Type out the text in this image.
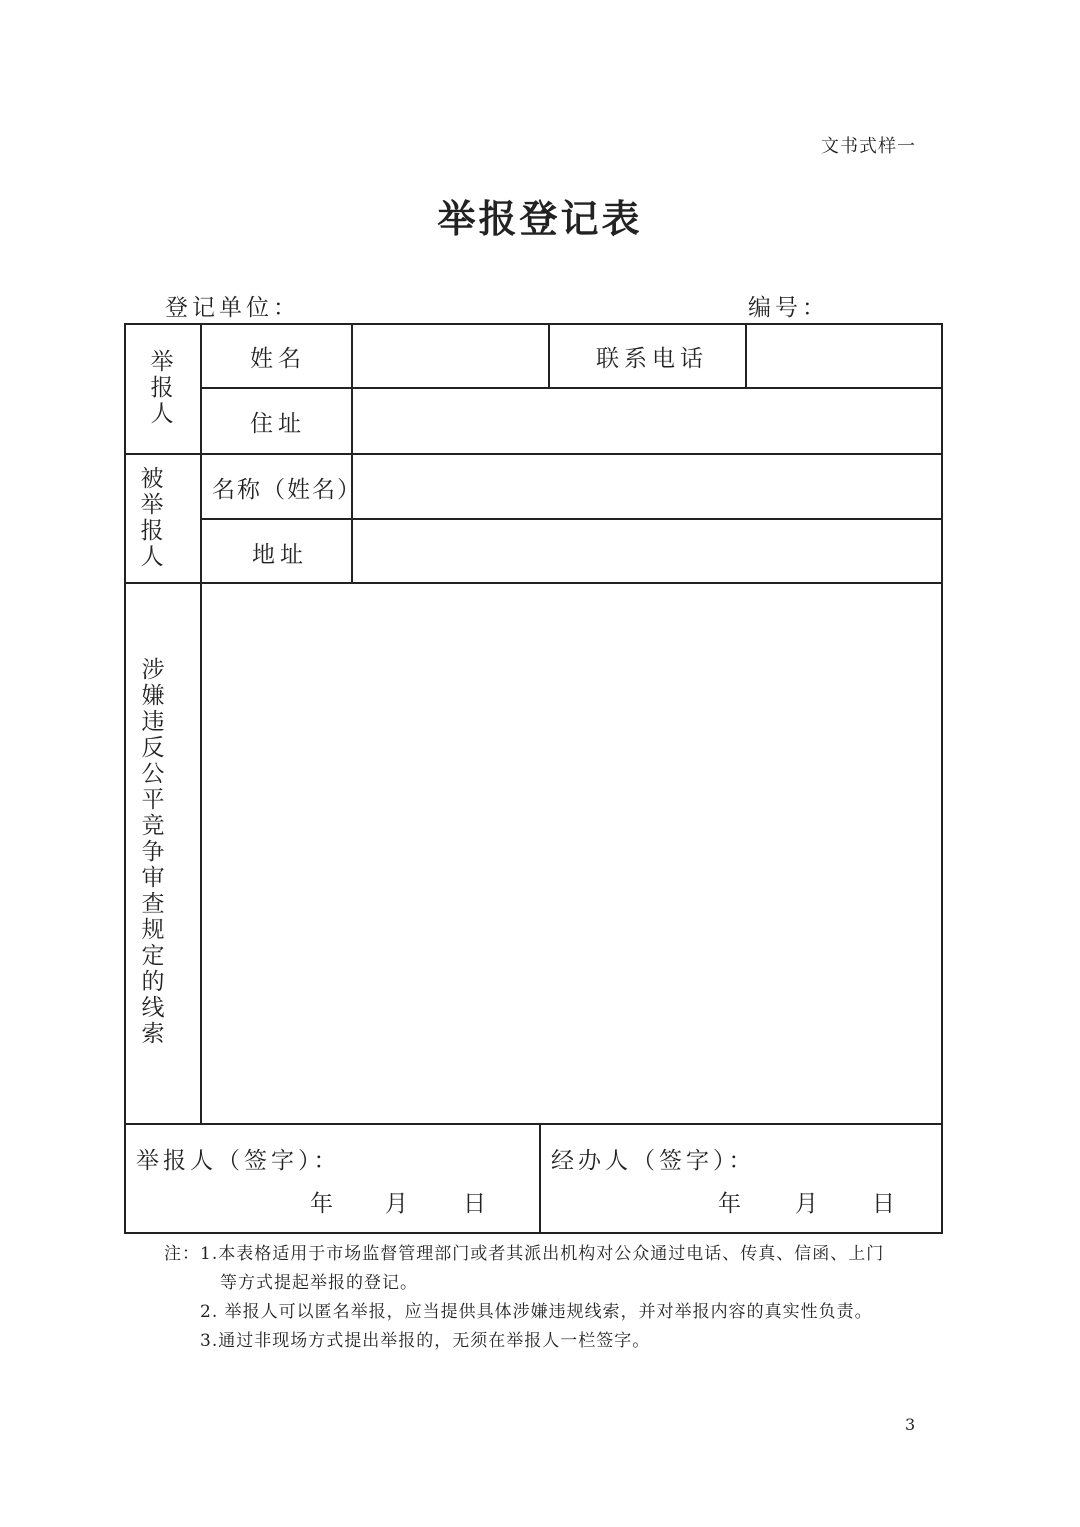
文书式样一
举报登记表
登记单位：	编号：
举报人
姓名	联系电话
住址
被举报人
名称（姓名）
地址
涉嫌违反公平竞争审查规定的线索
举报人（签字）：
年 月 日
经办人（签字）：
年 月 日
注：1.本表格适用于市场监督管理部门或者其派出机构对公众通过电话、传真、信函、上门
等方式提起举报的登记。
2. 举报人可以匿名举报，应当提供具体涉嫌违规线索，并对举报内容的真实性负责。
3.通过非现场方式提出举报的，无须在举报人一栏签字。
3
